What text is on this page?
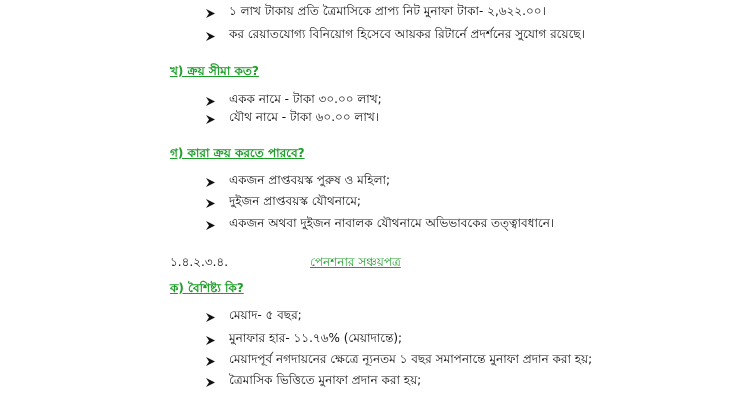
১ লাখ টাকায় প্রতি ত্রৈমাসিকে প্রাপ্য নিট মুনাফা টাকা- ২,৬২২.০০।
কর রেয়াতযোগ্য বিনিয়োগ হিসেবে আয়কর রিটার্নে প্রদর্শনের সুযোগ রয়েছে।
খ) ক্রয় সীমা কত?
একক নামে - টাকা ৩০.০০ লাখ;
যৌথ নামে - টাকা ৬০.০০ লাখ।
গ) কারা ক্রয় করতে পারবে?
একজন প্রাপ্তবয়স্ক পুরুষ ও মহিলা;
দুইজন প্রাপ্তবয়স্ক যৌথনামে;
একজন অথবা দুইজন নাবালক যৌথনামে অভিভাবকের তত্ত্বাবধানে।
১.৪.২.৩.৪.	পেনশনার সঞ্চয়পত্র
ক) বৈশিষ্ট্য কি?
মেয়াদ- ৫ বছর;
মুনাফার হার- ১১.৭৬% (মেয়াদান্তে);
মেয়াদপূর্ব নগদায়নের ক্ষেত্রে ন্যূনতম ১ বছর সমাপনান্তে মুনাফা প্রদান করা হয়;
ত্রৈমাসিক ভিত্তিতে মুনাফা প্রদান করা হয়;
